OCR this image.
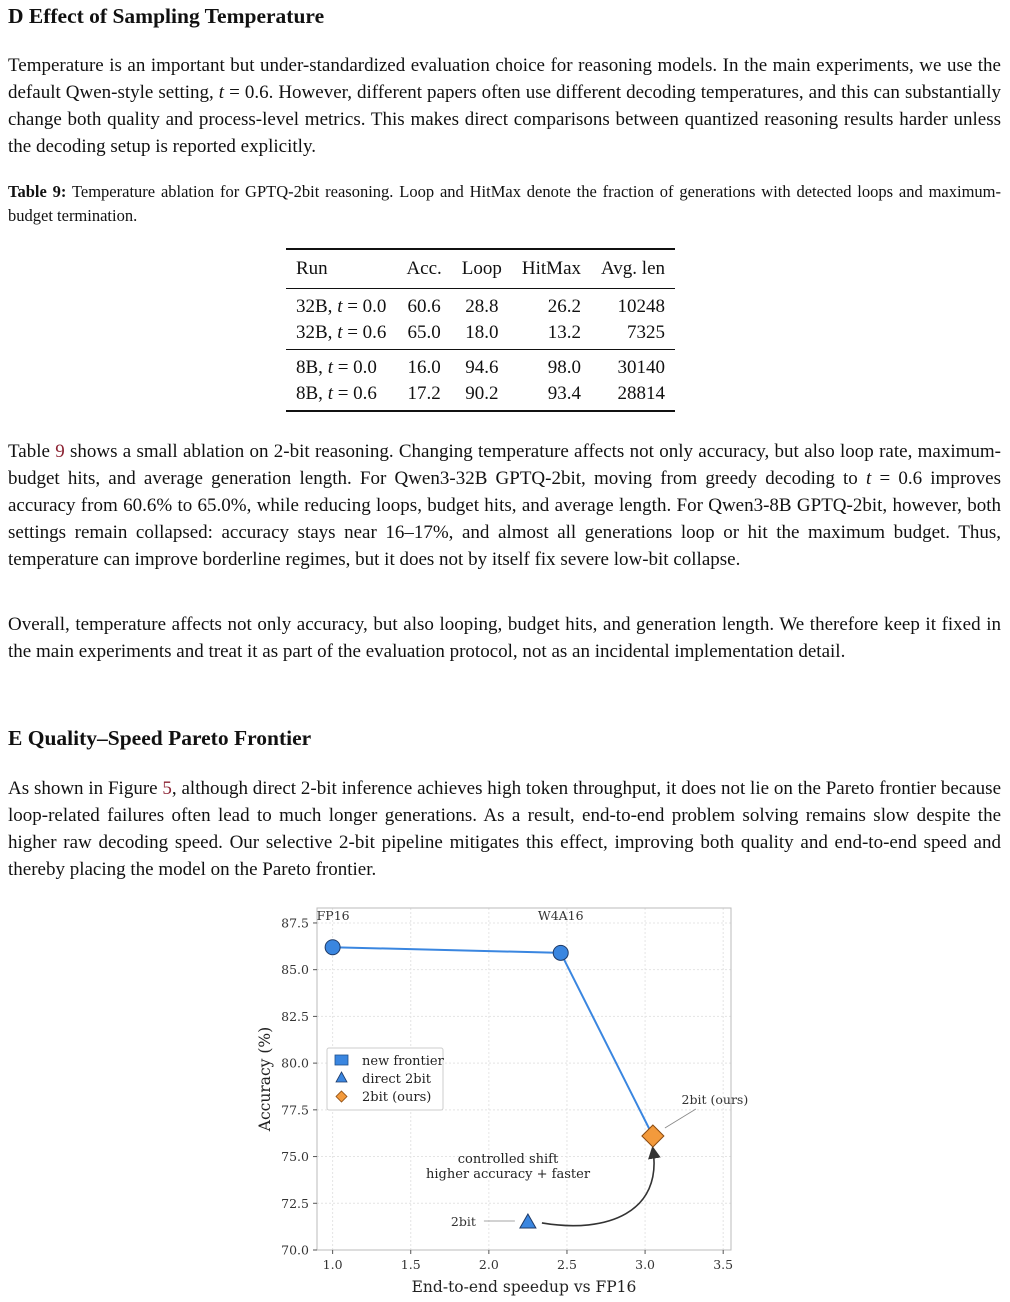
D Effect of Sampling Temperature
Temperature is an important but under-standardized evaluation choice for reasoning models. In the main experiments, we use the default Qwen-style setting, t = 0.6. However, different papers often use different decoding temperatures, and this can substantially change both quality and process-level metrics. This makes direct comparisons between quantized reasoning results harder unless the decoding setup is reported explicitly.
Table 9: Temperature ablation for GPTQ-2bit reasoning. Loop and HitMax denote the fraction of generations with detected loops and maximum-budget termination.
Run	Acc.	Loop	HitMax	Avg. len
32B, t = 0.0	60.6	28.8	26.2	10248
32B, t = 0.6	65.0	18.0	13.2	7325
8B, t = 0.0	16.0	94.6	98.0	30140
8B, t = 0.6	17.2	90.2	93.4	28814
Table 9 shows a small ablation on 2-bit reasoning. Changing temperature affects not only accuracy, but also loop rate, maximum-budget hits, and average generation length. For Qwen3-32B GPTQ-2bit, moving from greedy decoding to t = 0.6 improves accuracy from 60.6% to 65.0%, while reducing loops, budget hits, and average length. For Qwen3-8B GPTQ-2bit, however, both settings remain collapsed: accuracy stays near 16–17%, and almost all generations loop or hit the maximum budget. Thus, temperature can improve borderline regimes, but it does not by itself fix severe low-bit collapse.
Overall, temperature affects not only accuracy, but also looping, budget hits, and generation length. We therefore keep it fixed in the main experiments and treat it as part of the evaluation protocol, not as an incidental implementation detail.
E Quality–Speed Pareto Frontier
As shown in Figure 5, although direct 2-bit inference achieves high token throughput, it does not lie on the Pareto frontier because loop-related failures often lead to much longer generations. As a result, end-to-end problem solving remains slow despite the higher raw decoding speed. Our selective 2-bit pipeline mitigates this effect, improving both quality and end-to-end speed and thereby placing the model on the Pareto frontier.
1.0	1.5	2.0	2.5	3.0	3.5
70.0
72.5
75.0
77.5
80.0
82.5
85.0
87.5
End-to-end speedup vs FP16
Accuracy (%)
FP16	W4A16
2bit (ours)
2bit
new frontier
direct 2bit
2bit (ours)
controlled shift
higher accuracy + faster
